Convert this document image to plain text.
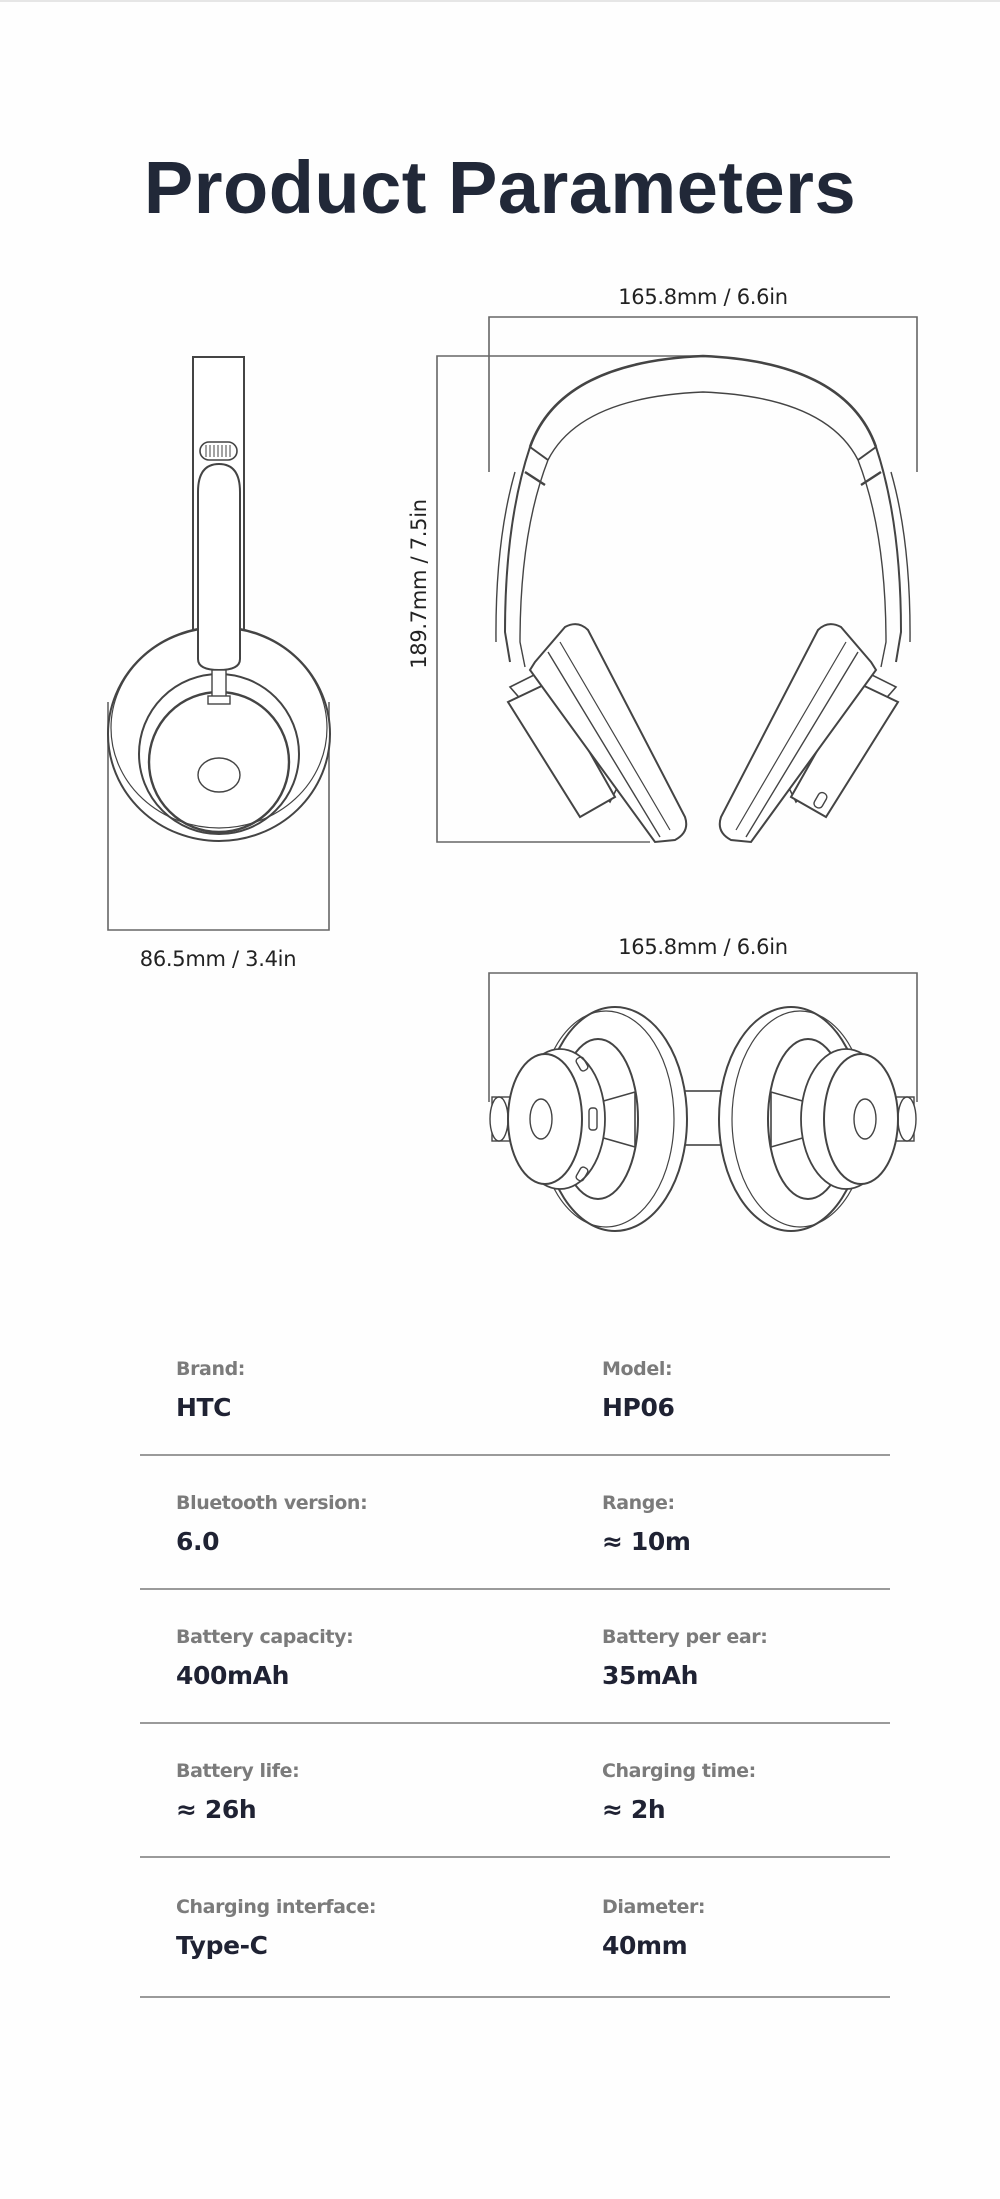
Product Parameters
165.8mm / 6.6in
189.7mm / 7.5in
86.5mm / 3.4in	165.8mm / 6.6in
Brand:
HTC
Model:
HP06
Bluetooth version:
6.0
Range:
≈ 10m
Battery capacity:
400mAh
Battery per ear:
35mAh
Battery life:
≈ 26h
Charging time:
≈ 2h
Charging interface:
Type-C
Diameter:
40mm
